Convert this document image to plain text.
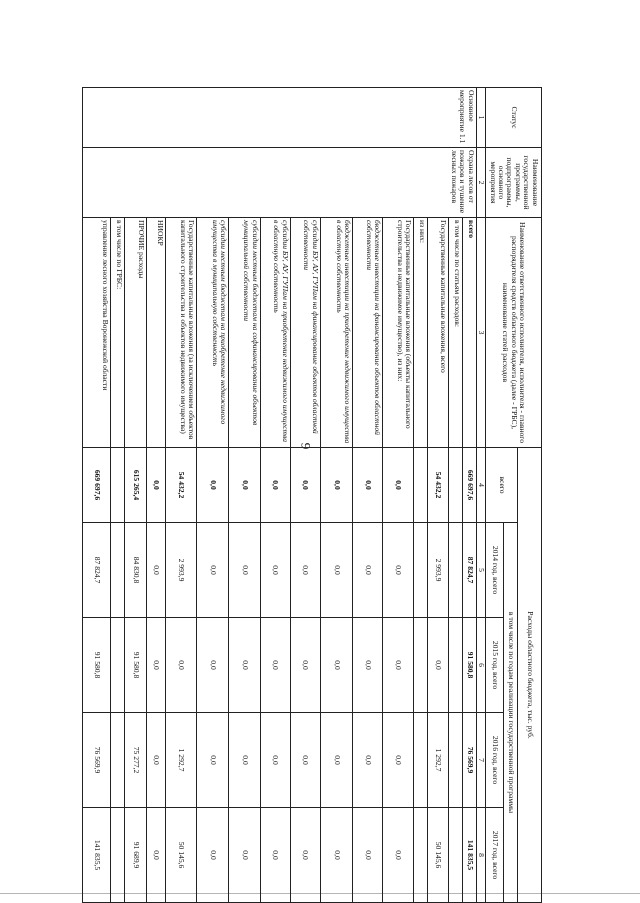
9
Статус	Наименование государственной программы, подпрограммы, основного мероприятия	Наименование ответственного исполнителя, исполнителя - главного распорядителя средств областного бюджета (далее - ГРБС), наименование статей расходов	Расходы областного бюджета, тыс. руб.				
			всего	в том числе по годам реализации государственной программы			
				2014 год, всего	2015 год, всего	2016 год, всего	2017 год, всего
1	2	3	4	5	6	7	8
Основное мероприятие 1.1	Охрана лесов от пожаров и тушение лесных пожаров	всего	669 697,6	87 824,7	91 580,8	76 569,9	141 835,5
		в том числе по статьям расходов:					
		Государственные капитальные вложения, всего	54 432,2	2 993,9	0,0	1 292,7	50 145,6
		из них:					
		Государственные капитальные вложения (объекты капитального строительства и недвижимое имущество), из них:	0,0	0,0	0,0	0,0	0,0
		бюджетные инвестиции на финансирование объектов областной собственности	0,0	0,0	0,0	0,0	0,0
		бюджетные инвестиции на приобретение недвижимого имущества в областную собственность	0,0	0,0	0,0	0,0	0,0
		субсидии БУ, АУ, ГУПам на финансирование объектов областной собственности	0,0	0,0	0,0	0,0	0,0
		субсидии БУ, АУ, ГУПам на приобретение недвижимого имущества в областную собственность	0,0	0,0	0,0	0,0	0,0
		субсидии местным бюджетам на софинансирование объектов муниципальной собственности	0,0	0,0	0,0	0,0	0,0
		субсидии местным бюджетам на приобретение недвижимого имущества в муниципальную собственность	0,0	0,0	0,0	0,0	0,0
		Государственные капитальные вложения (за исключением объектов капитального строительства и объектов недвижимого имущества)	54 432,2	2 993,9	0,0	1 292,7	50 145,6
		НИОКР	0,0	0,0	0,0	0,0	0,0
		ПРОЧИЕ расходы	615 265,4	84 830,8	91 580,8	75 277,2	91 689,9
		в том числе по ГРБС:					
		управление лесного хозяйства Воронежской области	669 697,6	87 824,7	91 580,8	76 569,9	141 835,5
